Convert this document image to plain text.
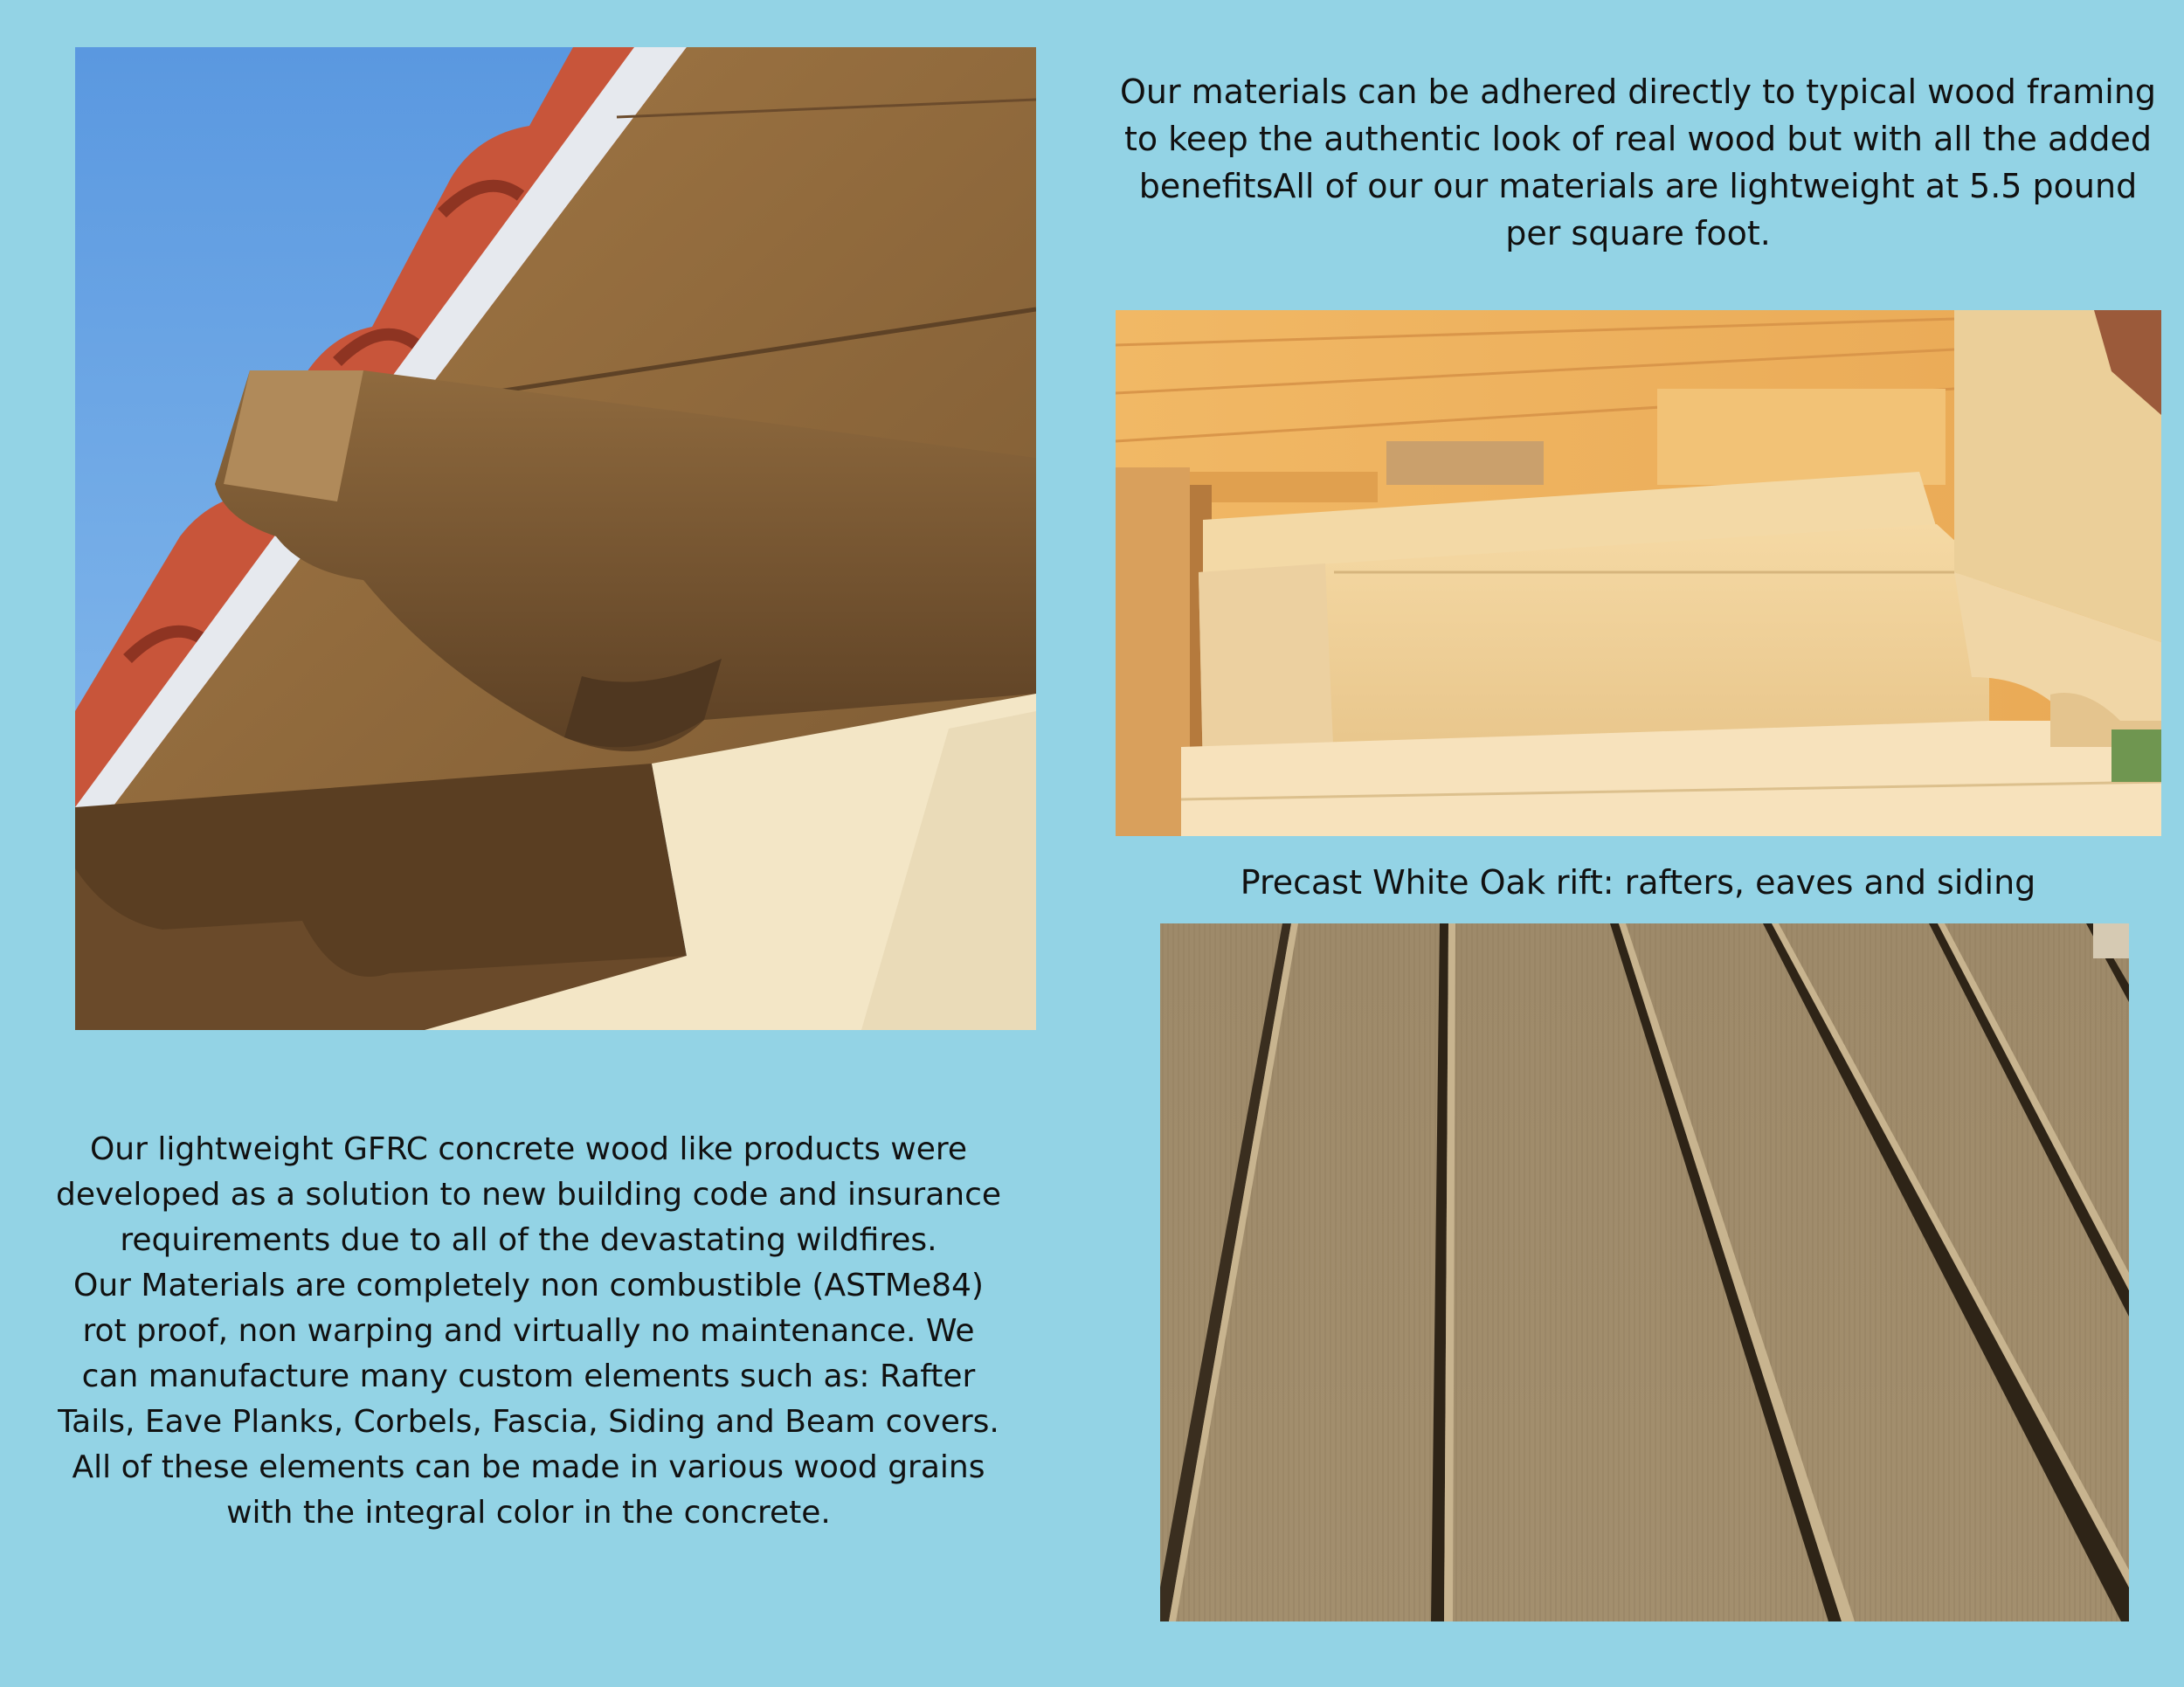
Our materials can be adhered directly to typical wood framing to keep the authentic look of real wood but with all the added benefitsAll of our our materials are lightweight at 5.5 pound per square foot.
Precast White Oak rift: rafters, eaves and siding

Our lightweight GFRC concrete wood like products were developed as a solution to new building code and insurance requirements due to all of the devastating wildfires.

Our Materials are completely non combustible (ASTMe84) rot proof, non warping and virtually no maintenance. We can manufacture many custom elements such as: Rafter Tails, Eave Planks, Corbels, Fascia, Siding and Beam covers. All of these elements can be made in various wood grains with the integral color in the concrete.
